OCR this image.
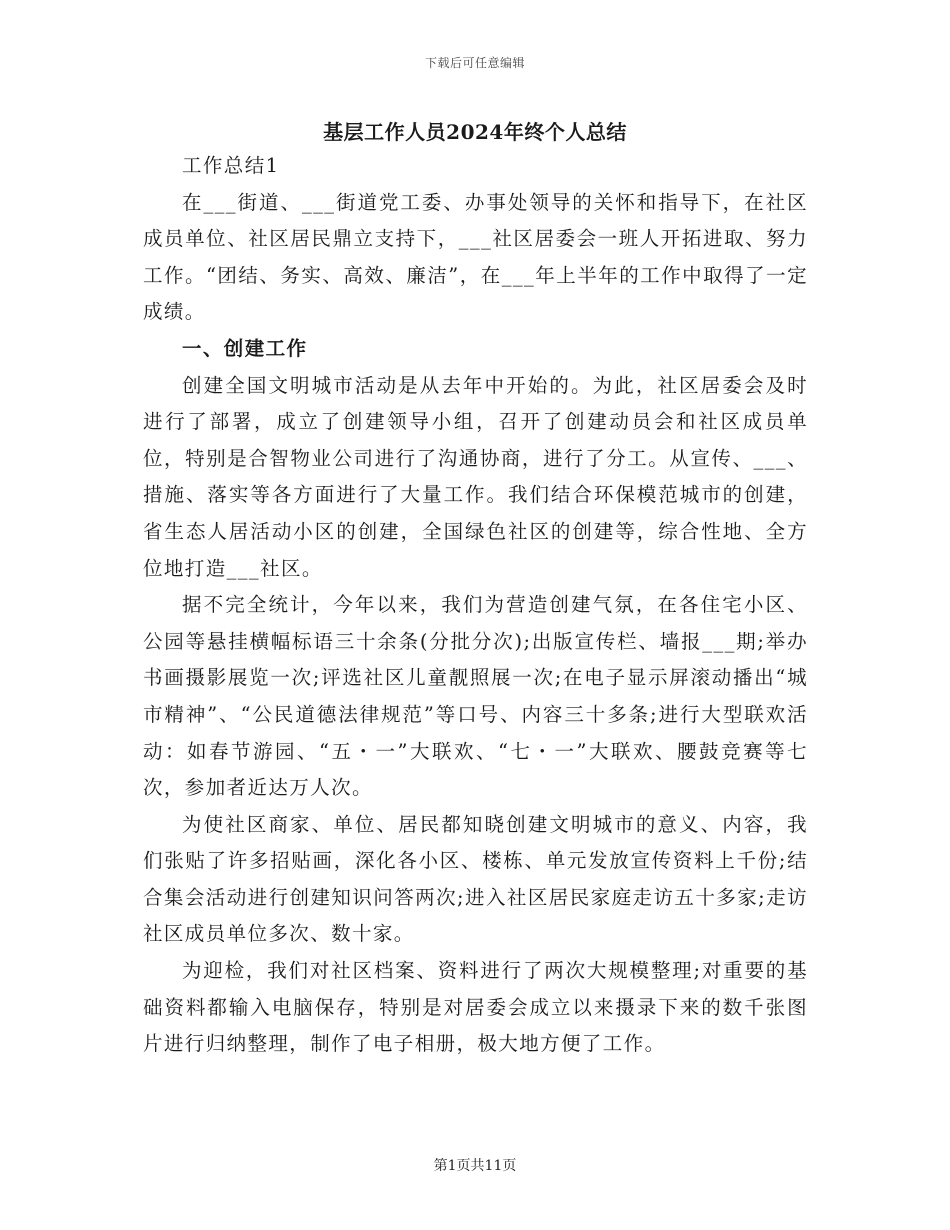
下载后可任意编辑
基层工作人员2024年终个人总结

工作总结1

在___街道、___街道党工委、办事处领导的关怀和指导下，在社区成员单位、社区居民鼎立支持下，___社区居委会一班人开拓进取、努力工作。“团结、务实、高效、廉洁”，在___年上半年的工作中取得了一定成绩。

一、创建工作

创建全国文明城市活动是从去年中开始的。为此，社区居委会及时进行了部署，成立了创建领导小组，召开了创建动员会和社区成员单位，特别是合智物业公司进行了沟通协商，进行了分工。从宣传、___、措施、落实等各方面进行了大量工作。我们结合环保模范城市的创建，省生态人居活动小区的创建，全国绿色社区的创建等，综合性地、全方位地打造___社区。

据不完全统计，今年以来，我们为营造创建气氛，在各住宅小区、公园等悬挂横幅标语三十余条(分批分次);出版宣传栏、墙报___期;举办书画摄影展览一次;评选社区儿童靓照展一次;在电子显示屏滚动播出“城市精神”、“公民道德法律规范”等口号、内容三十多条;进行大型联欢活动：如春节游园、“五・一”大联欢、“七・一”大联欢、腰鼓竞赛等七次，参加者近达万人次。

为使社区商家、单位、居民都知晓创建文明城市的意义、内容，我们张贴了许多招贴画，深化各小区、楼栋、单元发放宣传资料上千份;结合集会活动进行创建知识问答两次;进入社区居民家庭走访五十多家;走访社区成员单位多次、数十家。

为迎检，我们对社区档案、资料进行了两次大规模整理;对重要的基础资料都输入电脑保存，特别是对居委会成立以来摄录下来的数千张图片进行归纳整理，制作了电子相册，极大地方便了工作。

第1页共11页
